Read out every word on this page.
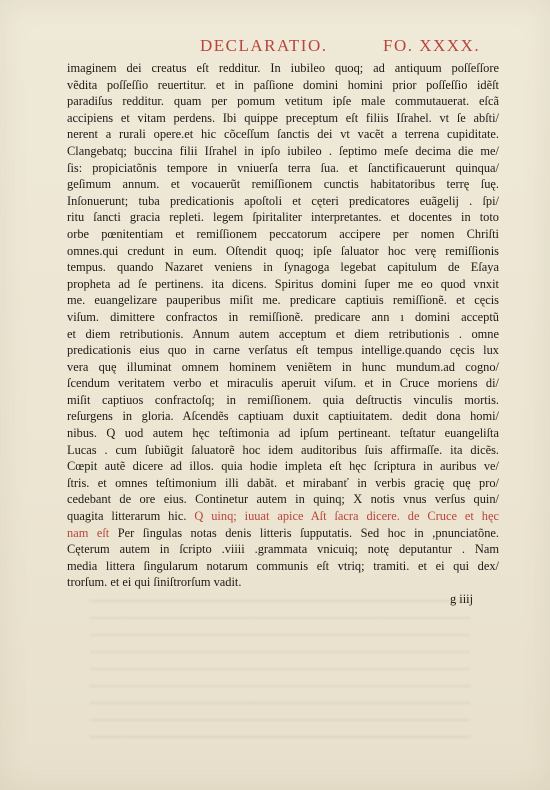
DECLARATIO.	FO. XXXX.
imaginem dei creatus eſt redditur. In iubileo quoq; ad antiquum poſſeſſore
vẽdita poſſeſſio reuertitur. et in paſſione domini homini prior poſſeſſio idẽſt
paradiſus redditur. quam per pomum vetitum ipſe male commutauerat. eſcã
accipiens et vitam perdens. Ibi quippe preceptum eſt filiis Iſrahel. vt ſe abſti/
nerent a rurali opere.et hic cõceſſum ſanctis dei vt vacẽt a terrena cupiditate.
Clangebatq; buccina filii Iſrahel in ipſo iubileo . ſeptimo meſe decima die me/
ſis: propiciatõnis tempore in vniuerſa terra ſua. et ſanctificauerunt quinqua/
geſimum annum. et vocauerũt remiſſionem cunctis habitatoribus terrę ſuę.
Inſonuerunt; tuba predicationis apoſtoli et cęteri predicatores euãgelij . ſpi/
ritu ſancti gracia repleti. legem ſpiritaliter interpretantes. et docentes in toto
orbe pœnitentiam et remiſſionem peccatorum accipere per nomen Chriſti
omnes.qui credunt in eum. Oſtendit quoq; ipſe ſaluator hoc verę remiſſionis
tempus. quando Nazaret veniens in ſynagoga legebat capitulum de Eſaya
propheta ad ſe pertinens. ita dicens. Spiritus domini ſuper me eo quod vnxit
me. euangelizare pauperibus miſit me. predicare captiuis remiſſionẽ. et cęcis
viſum. dimittere confractos in remiſſionẽ. predicare ann ı domini acceptũ
et diem retributionis. Annum autem acceptum et diem retributionis . omne
predicationis eius quo in carne verſatus eſt tempus intellige.quando cęcis lux
vera quę illuminat omnem hominem veniẽtem in hunc mundum.ad cogno/
ſcendum veritatem verbo et miraculis aperuit viſum. et in Cruce moriens di/
miſit captiuos confractoſq; in remiſſionem. quia deſtructis vinculis mortis.
reſurgens in gloria. Aſcendẽs captiuam duxit captiuitatem. dedit dona homi/
nibus. Q uod autem hęc teſtimonia ad ipſum pertineant. teſtatur euangeliſta
Lucas . cum ſubiũgit ſaluatorẽ hoc idem auditoribus ſuis affirmaſſe. ita dicẽs.
Cœpit autẽ dicere ad illos. quia hodie impleta eſt hęc ſcriptura in auribus ve/
ſtris. et omnes teſtimonium illi dabãt. et mirabanť in verbis gracię quę pro/
cedebant de ore eius. Continetur autem in quinq; X notis vnus verſus quin/
quagita litterarum hic. Q uinq; iuuat apice Aſt ſacra dicere. de Cruce et hęc
nam eſt Per ſingulas notas denis litteris ſupputatis. Sed hoc in ,pnunciatõne.
Cęterum autem in ſcripto .viiii .grammata vnicuiq; notę deputantur . Nam
media littera ſingularum notarum communis eſt vtriq; tramiti. et ei qui dex/
trorſum. et ei qui ſiniſtrorſum vadit.
g iiij
